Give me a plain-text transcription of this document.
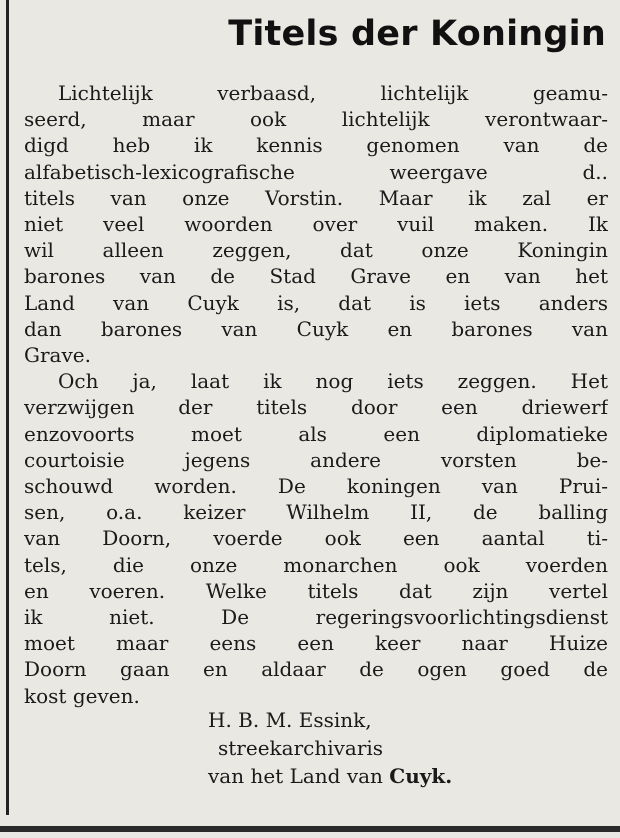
Titels der Koningin
Lichtelijk verbaasd, lichtelijk geamu-
seerd, maar ook lichtelijk verontwaar-
digd heb ik kennis genomen van de
alfabetisch-lexicografische weergave d..
titels van onze Vorstin. Maar ik zal er
niet veel woorden over vuil maken. Ik
wil alleen zeggen, dat onze Koningin
barones van de Stad Grave en van het
Land van Cuyk is, dat is iets anders
dan barones van Cuyk en barones van
Grave.
Och ja, laat ik nog iets zeggen. Het
verzwijgen der titels door een driewerf
enzovoorts moet als een diplomatieke
courtoisie jegens andere vorsten be-
schouwd worden. De koningen van Prui-
sen, o.a. keizer Wilhelm II, de balling
van Doorn, voerde ook een aantal ti-
tels, die onze monarchen ook voerden
en voeren. Welke titels dat zijn vertel
ik niet. De regeringsvoorlichtingsdienst
moet maar eens een keer naar Huize
Doorn gaan en aldaar de ogen goed de
kost geven.
H. B. M. Essink,
streekarchivaris
van het Land van Cuyk.
